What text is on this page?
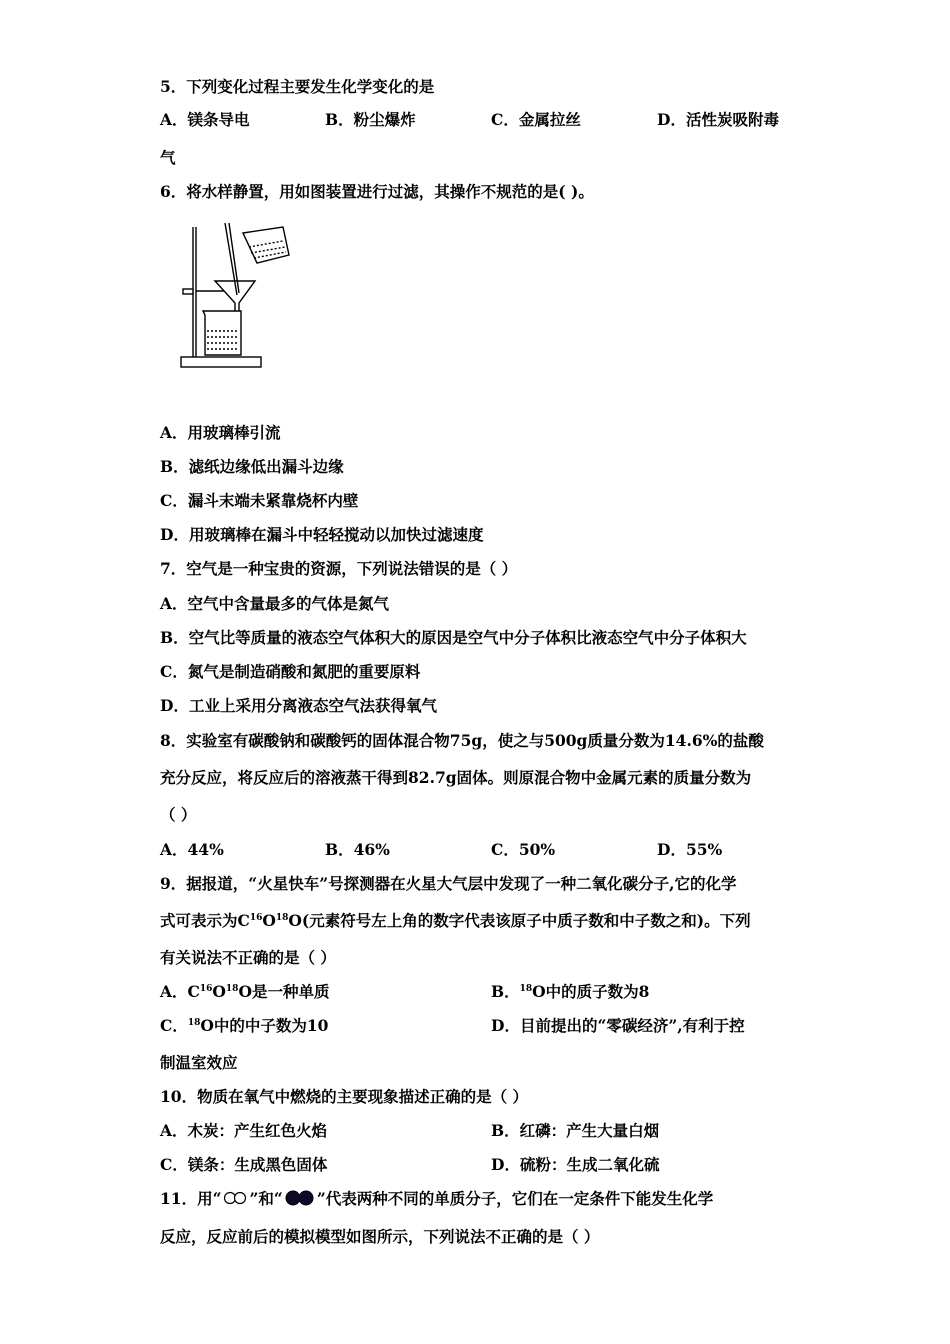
5．下列变化过程主要发生化学变化的是
A．镁条导电	B．粉尘爆炸	C．金属拉丝	D．活性炭吸附毒
气
6．将水样静置，用如图装置进行过滤，其操作不规范的是( )。
A．用玻璃棒引流
B．滤纸边缘低出漏斗边缘
C．漏斗末端未紧靠烧杯内壁
D．用玻璃棒在漏斗中轻轻搅动以加快过滤速度
7．空气是一种宝贵的资源，下列说法错误的是（ ）
A．空气中含量最多的气体是氮气
B．空气比等质量的液态空气体积大的原因是空气中分子体积比液态空气中分子体积大
C．氮气是制造硝酸和氮肥的重要原料
D．工业上采用分离液态空气法获得氧气
8．实验室有碳酸钠和碳酸钙的固体混合物75g，使之与500g质量分数为14.6%的盐酸
充分反应，将反应后的溶液蒸干得到82.7g固体。则原混合物中金属元素的质量分数为
（ ）
A．44%	B．46%	C．50%	D．55%
9．据报道，“火星快车”号探测器在火星大气层中发现了一种二氧化碳分子,它的化学
式可表示为$C^{16}O^{18}O$(元素符号左上角的数字代表该原子中质子数和中子数之和)。下列
有关说法不正确的是（ ）
A．$C^{16}O^{18}O$是一种单质	B．$^{18}$O中的质子数为8
C．$^{18}$O中的中子数为10	D．目前提出的“零碳经济”,有利于控
制温室效应
10．物质在氧气中燃烧的主要现象描述正确的是（ ）
A．木炭：产生红色火焰	B．红磷：产生大量白烟
C．镁条：生成黑色固体	D．硫粉：生成二氧化硫
11．用“ ”和“ ”代表两种不同的单质分子，它们在一定条件下能发生化学
反应，反应前后的模拟模型如图所示，下列说法不正确的是（ ）
